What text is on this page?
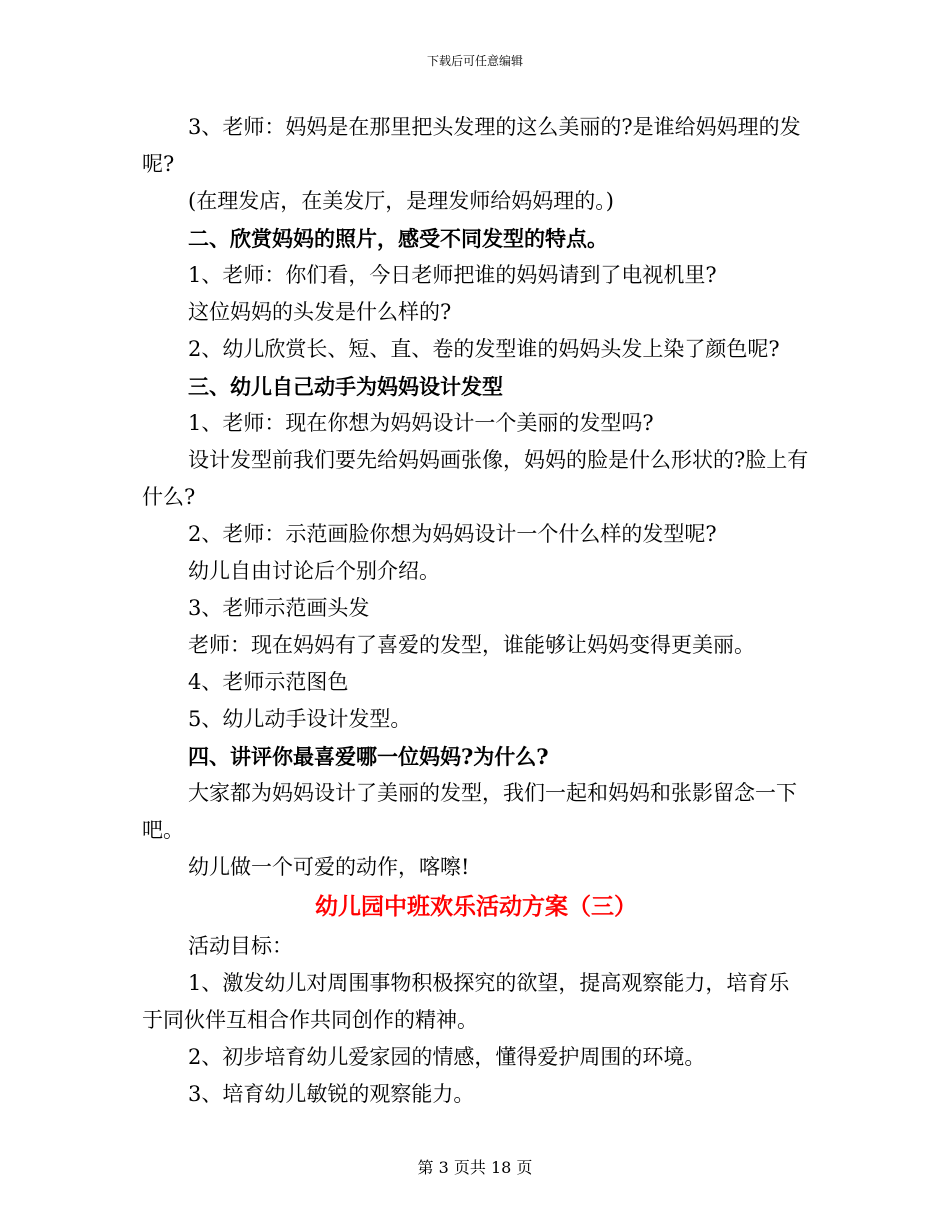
下载后可任意编辑

3、老师：妈妈是在那里把头发理的这么美丽的?是谁给妈妈理的发呢?

(在理发店，在美发厅，是理发师给妈妈理的。)

二、欣赏妈妈的照片，感受不同发型的特点。

1、老师：你们看，今日老师把谁的妈妈请到了电视机里?

这位妈妈的头发是什么样的?

2、幼儿欣赏长、短、直、卷的发型谁的妈妈头发上染了颜色呢?

三、幼儿自己动手为妈妈设计发型

1、老师：现在你想为妈妈设计一个美丽的发型吗?

设计发型前我们要先给妈妈画张像，妈妈的脸是什么形状的?脸上有什么?

2、老师：示范画脸你想为妈妈设计一个什么样的发型呢?

幼儿自由讨论后个别介绍。

3、老师示范画头发

老师：现在妈妈有了喜爱的发型，谁能够让妈妈变得更美丽。

4、老师示范图色

5、幼儿动手设计发型。

四、讲评你最喜爱哪一位妈妈?为什么?

大家都为妈妈设计了美丽的发型，我们一起和妈妈和张影留念一下吧。

幼儿做一个可爱的动作，喀嚓!

幼儿园中班欢乐活动方案（三）

活动目标：

1、激发幼儿对周围事物积极探究的欲望，提高观察能力，培育乐于同伙伴互相合作共同创作的精神。

2、初步培育幼儿爱家园的情感，懂得爱护周围的环境。

3、培育幼儿敏锐的观察能力。

第 3 页共 18 页
